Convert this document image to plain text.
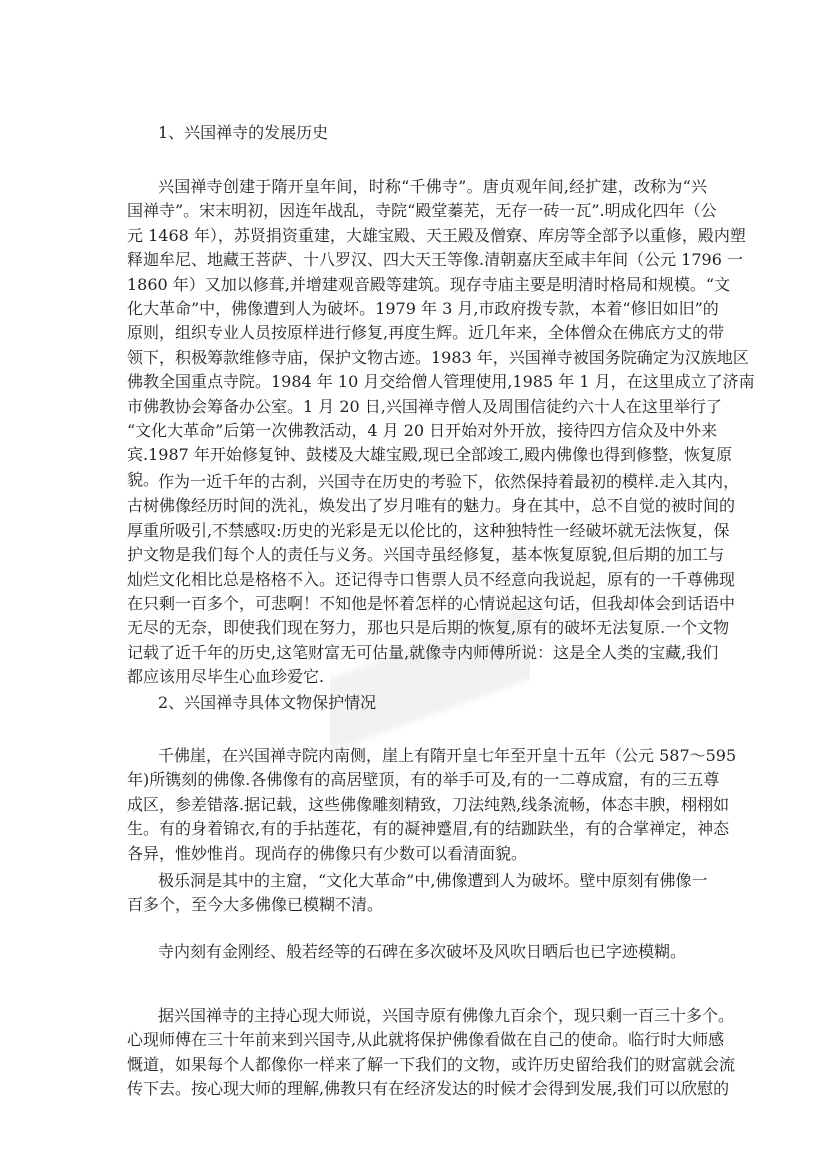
1、兴国禅寺的发展历史
兴国禅寺创建于隋开皇年间，时称“千佛寺”。唐贞观年间,经扩建，改称为“兴
国禅寺”。宋末明初，因连年战乱，寺院“殿堂蓁芜，无存一砖一瓦”.明成化四年（公
元 1468 年），苏贤捐资重建，大雄宝殿、天王殿及僧寮、库房等全部予以重修，殿内塑
释迦牟尼、地藏王菩萨、十八罗汉、四大天王等像.清朝嘉庆至咸丰年间（公元 1796 一
1860 年）又加以修葺,并增建观音殿等建筑。现存寺庙主要是明清时格局和规模。“文
化大革命”中，佛像遭到人为破坏。1979 年 3 月,市政府拨专款，本着“修旧如旧”的
原则，组织专业人员按原样进行修复,再度生辉。近几年来，全体僧众在佛底方丈的带
领下，积极筹款维修寺庙，保护文物古迹。1983 年，兴国禅寺被国务院确定为汉族地区
佛教全国重点寺院。1984 年 10 月交给僧人管理使用,1985 年 1 月，在这里成立了济南
市佛教协会筹备办公室。1 月 20 日,兴国禅寺僧人及周围信徒约六十人在这里举行了
“文化大革命”后第一次佛教活动，4 月 20 日开始对外开放，接待四方信众及中外来
宾.1987 年开始修复钟、鼓楼及大雄宝殿,现已全部竣工,殿内佛像也得到修整，恢复原
貌。
作为一近千年的古刹，兴国寺在历史的考验下，依然保持着最初的模样.走入其内，
古树佛像经历时间的洗礼，焕发出了岁月唯有的魅力。身在其中，总不自觉的被时间的
厚重所吸引,不禁感叹:历史的光彩是无以伦比的，这种独特性一经破坏就无法恢复，保
护文物是我们每个人的责任与义务。兴国寺虽经修复，基本恢复原貌,但后期的加工与
灿烂文化相比总是格格不入。还记得寺口售票人员不经意向我说起，原有的一千尊佛现
在只剩一百多个，可悲啊！不知他是怀着怎样的心情说起这句话，但我却体会到话语中
无尽的无奈，即使我们现在努力，那也只是后期的恢复,原有的破坏无法复原.一个文物
记载了近千年的历史,这笔财富无可估量,就像寺内师傅所说：这是全人类的宝藏,我们
都应该用尽毕生心血珍爱它.
2、兴国禅寺具体文物保护情况
千佛崖，在兴国禅寺院内南侧，崖上有隋开皇七年至开皇十五年（公元 587～595
年)所镌刻的佛像.各佛像有的高居壁顶，有的举手可及,有的一二尊成窟，有的三五尊
成区，参差错落.据记载，这些佛像雕刻精致，刀法纯熟,线条流畅，体态丰腴，栩栩如
生。有的身着锦衣,有的手拈莲花，有的凝神蹙眉,有的结跏趺坐，有的合掌禅定，神态
各异，惟妙惟肖。现尚存的佛像只有少数可以看清面貌。
极乐洞是其中的主窟，“文化大革命”中,佛像遭到人为破坏。壁中原刻有佛像一
百多个，至今大多佛像已模糊不清。
寺内刻有金刚经、般若经等的石碑在多次破坏及风吹日晒后也已字迹模糊。
据兴国禅寺的主持心现大师说，兴国寺原有佛像九百余个，现只剩一百三十多个。
心现师傅在三十年前来到兴国寺,从此就将保护佛像看做在自己的使命。临行时大师感
慨道，如果每个人都像你一样来了解一下我们的文物，或许历史留给我们的财富就会流
传下去。按心现大师的理解,佛教只有在经济发达的时候才会得到发展,我们可以欣慰的
